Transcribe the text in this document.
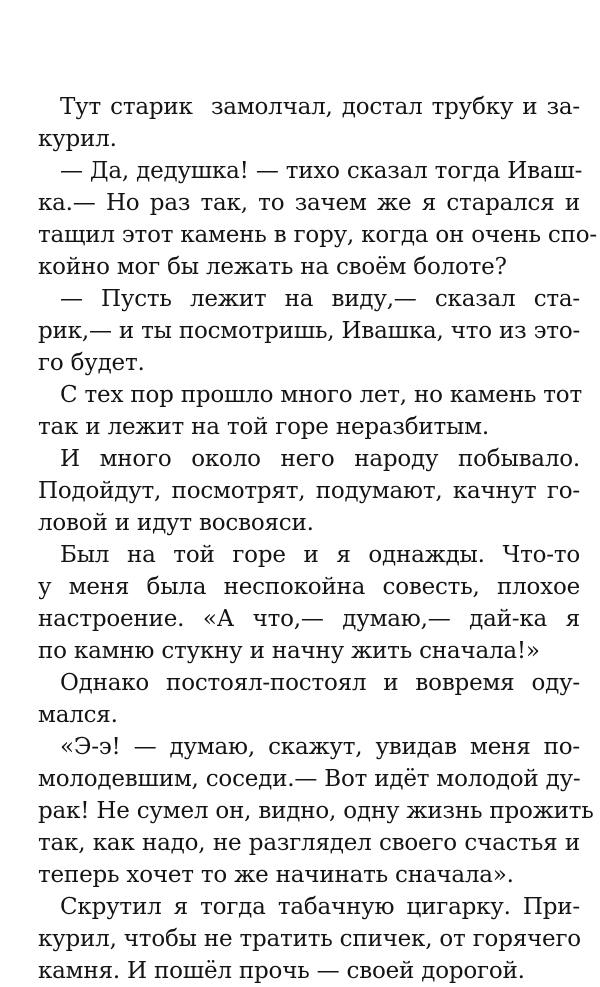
Тут старик  замолчал, достал трубку и за-
курил.
— Да, дедушка! — тихо сказал тогда Иваш-
ка.— Но раз так, то зачем же я старался и
тащил этот камень в гору, когда он очень спо-
койно мог бы лежать на своём болоте?
— Пусть лежит на виду,— сказал ста-
рик,— и ты посмотришь, Ивашка, что из это-
го будет.
С тех пор прошло много лет, но камень тот
так и лежит на той горе неразбитым.
И много около него народу побывало.
Подойдут, посмотрят, подумают, качнут го-
ловой и идут восвояси.
Был на той горе и я однажды. Что-то
у меня была неспокойна совесть, плохое
настроение. «А что,— думаю,— дай-ка я
по камню стукну и начну жить сначала!»
Однако постоял-постоял и вовремя оду-
мался.
«Э-э! — думаю, скажут, увидав меня по-
молодевшим, соседи.— Вот идёт молодой ду-
рак! Не сумел он, видно, одну жизнь прожить
так, как надо, не разглядел своего счастья и
теперь хочет то же начинать сначала».
Скрутил я тогда табачную цигарку. При-
курил, чтобы не тратить спичек, от горячего
камня. И пошёл прочь — своей дорогой.
